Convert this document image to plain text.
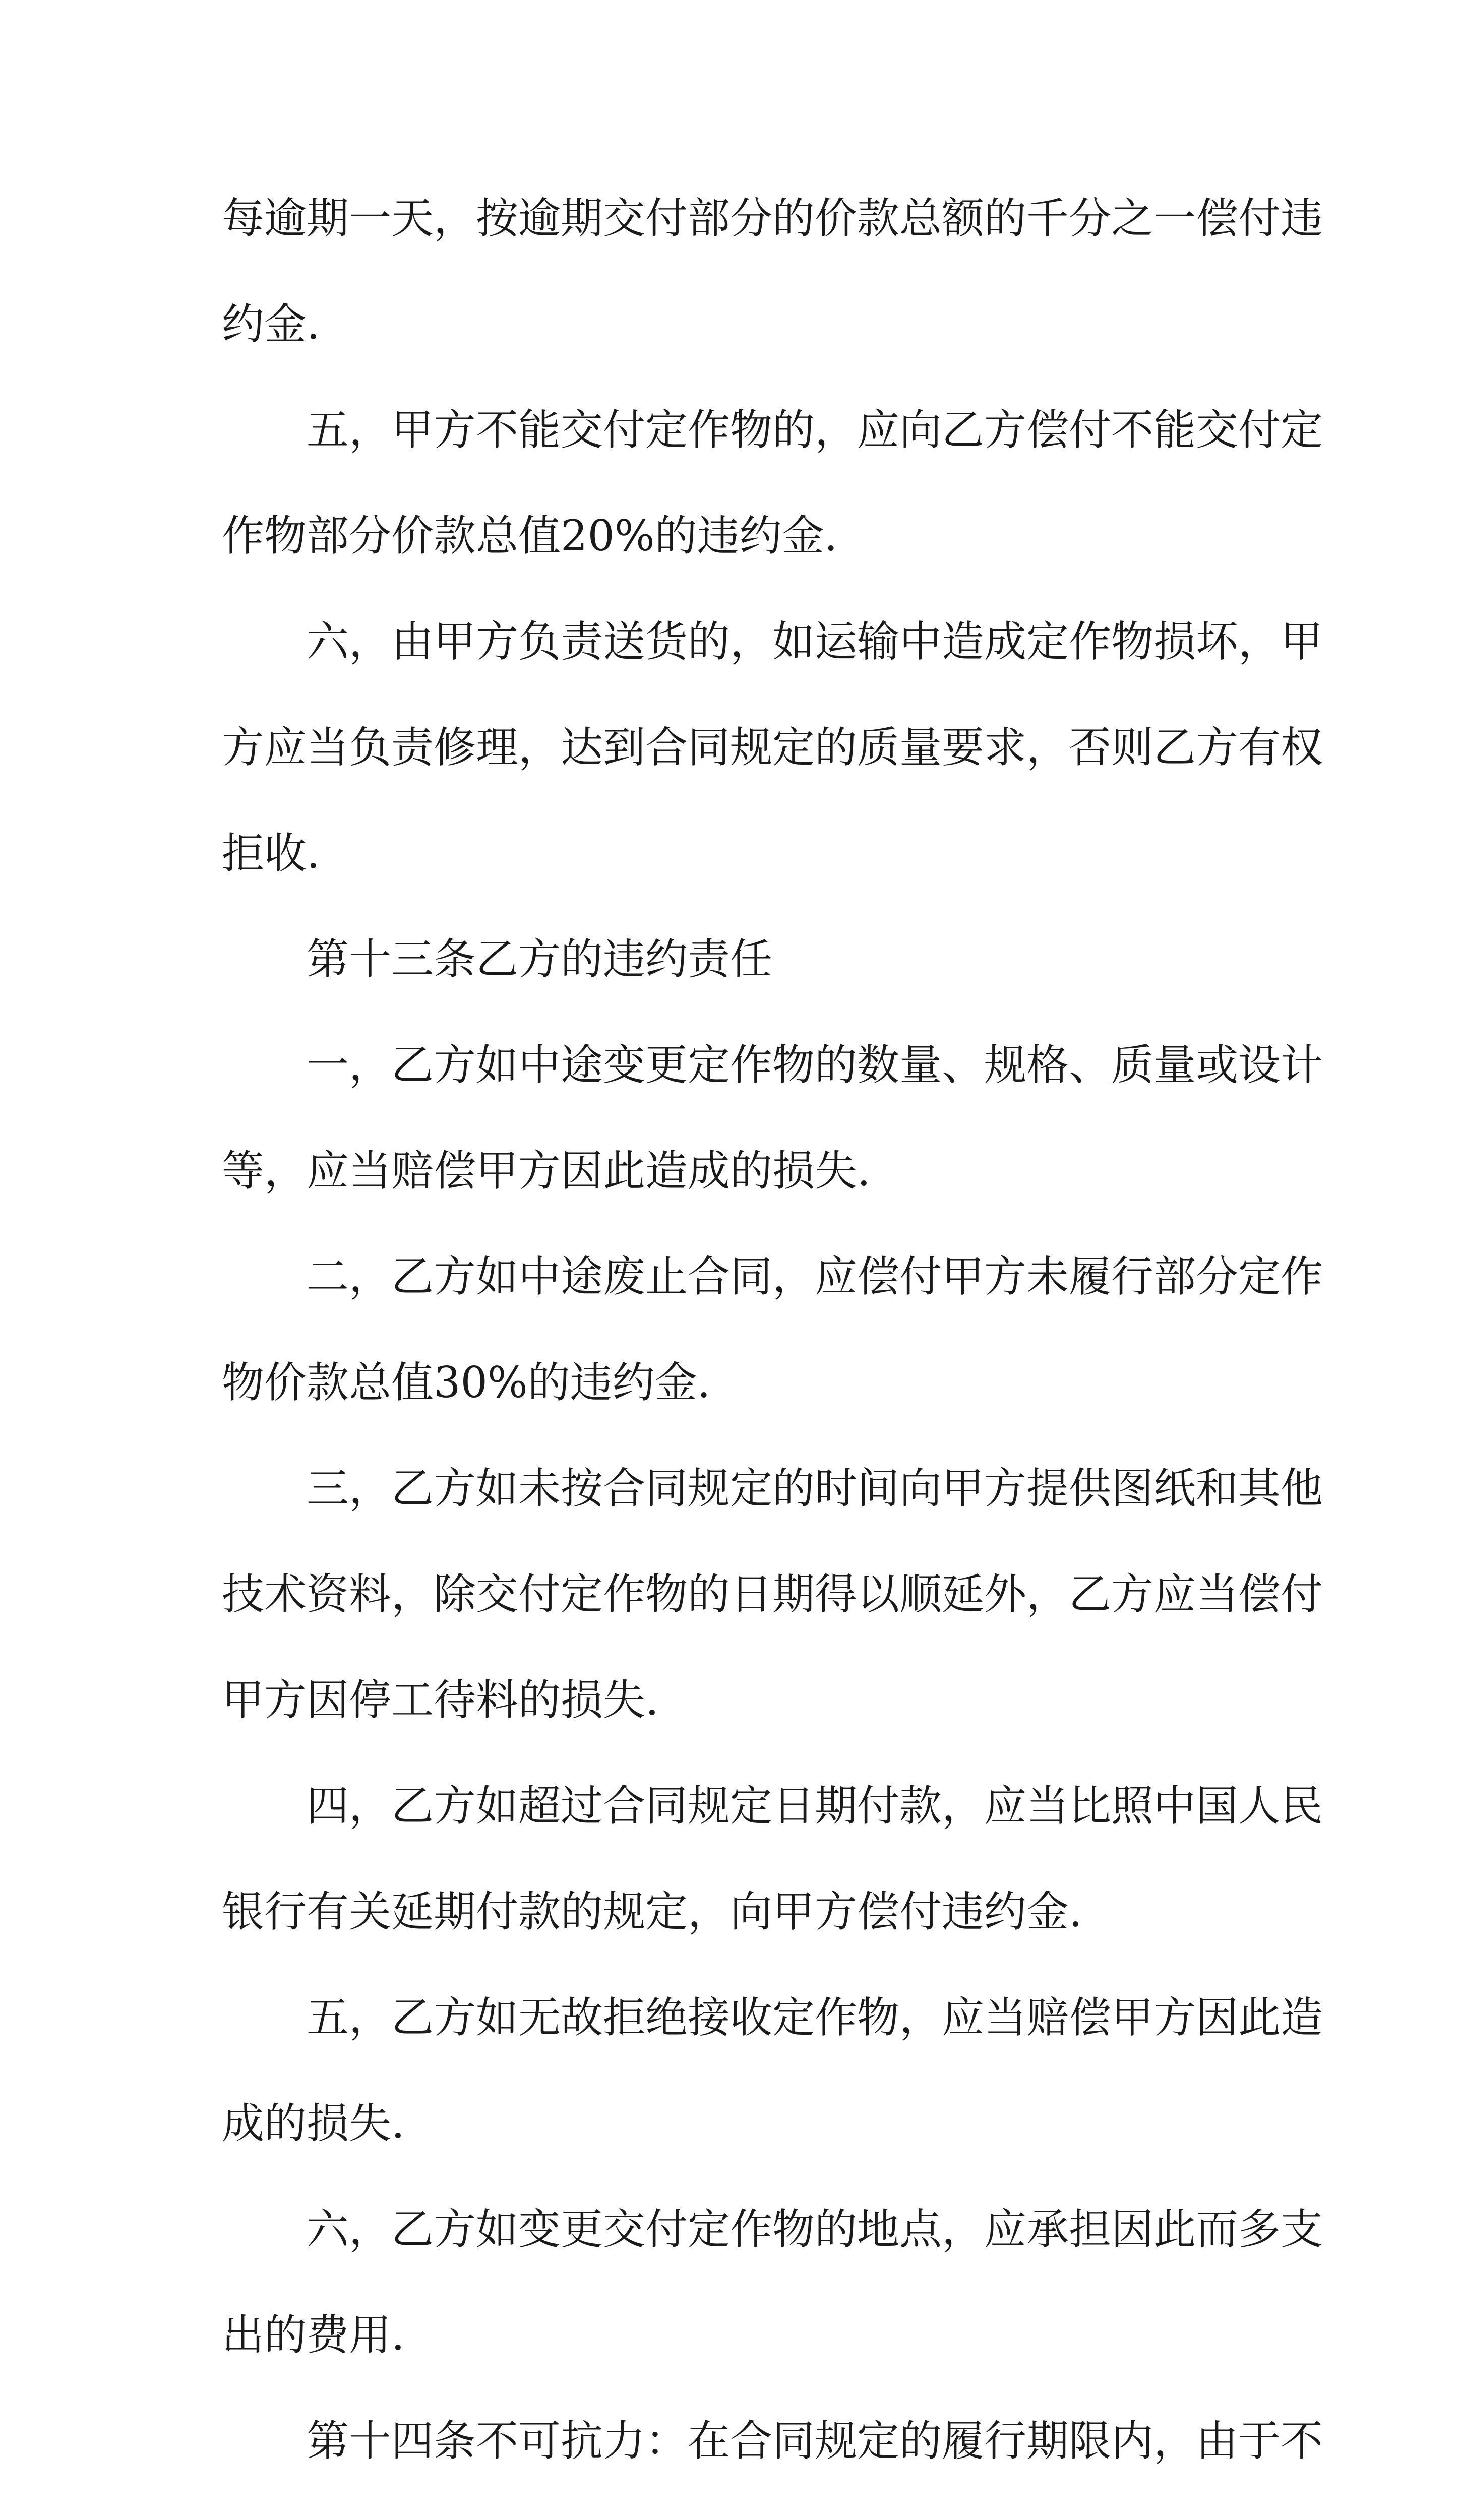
每逾期一天，按逾期交付部分的价款总额的千分之一偿付违
约金.
五，甲方不能交付定作物的，应向乙方偿付不能交付定
作物部分价款总值20%的违约金.
六，由甲方负责送货的，如运输中造成定作物损坏，甲
方应当负责修理，达到合同规定的质量要求，否则乙方有权
拒收.
第十三条乙方的违约责任
一，乙方如中途变更定作物的数量、规格、质量或设计
等，应当赔偿甲方因此造成的损失.
二，乙方如中途废止合同，应偿付甲方未履行部分定作
物价款总值30%的违约金.
三，乙方如未按合同规定的时间向甲方提供图纸和其他
技术资料，除交付定作物的日期得以顺延外，乙方应当偿付
甲方因停工待料的损失.
四，乙方如超过合同规定日期付款，应当比照中国人民
银行有关延期付款的规定，向甲方偿付违约金.
五，乙方如无故拒绝接收定作物，应当赔偿甲方因此造
成的损失.
六，乙方如变更交付定作物的地点，应承担因此而多支
出的费用.
第十四条不可抗力：在合同规定的履行期限内，由于不
